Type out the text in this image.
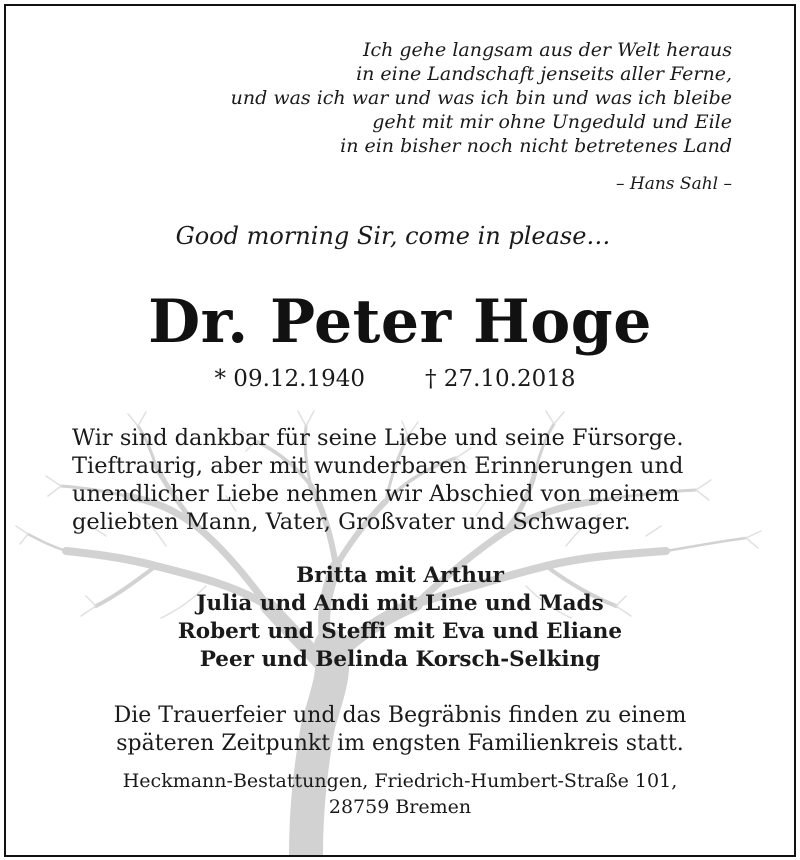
Ich gehe langsam aus der Welt heraus
in eine Landschaft jenseits aller Ferne,
und was ich war und was ich bin und was ich bleibe
geht mit mir ohne Ungeduld und Eile
in ein bisher noch nicht betretenes Land
– Hans Sahl –
Good morning Sir, come in please…
Dr. Peter Hoge
* 09.12.1940	† 27.10.2018
Wir sind dankbar für seine Liebe und seine Fürsorge.
Tieftraurig, aber mit wunderbaren Erinnerungen und
unendlicher Liebe nehmen wir Abschied von meinem
geliebten Mann, Vater, Großvater und Schwager.
Britta mit Arthur
Julia und Andi mit Line und Mads
Robert und Steffi mit Eva und Eliane
Peer und Belinda Korsch-Selking
Die Trauerfeier und das Begräbnis finden zu einem
späteren Zeitpunkt im engsten Familienkreis statt.
Heckmann-Bestattungen, Friedrich-Humbert-Straße 101,
28759 Bremen
